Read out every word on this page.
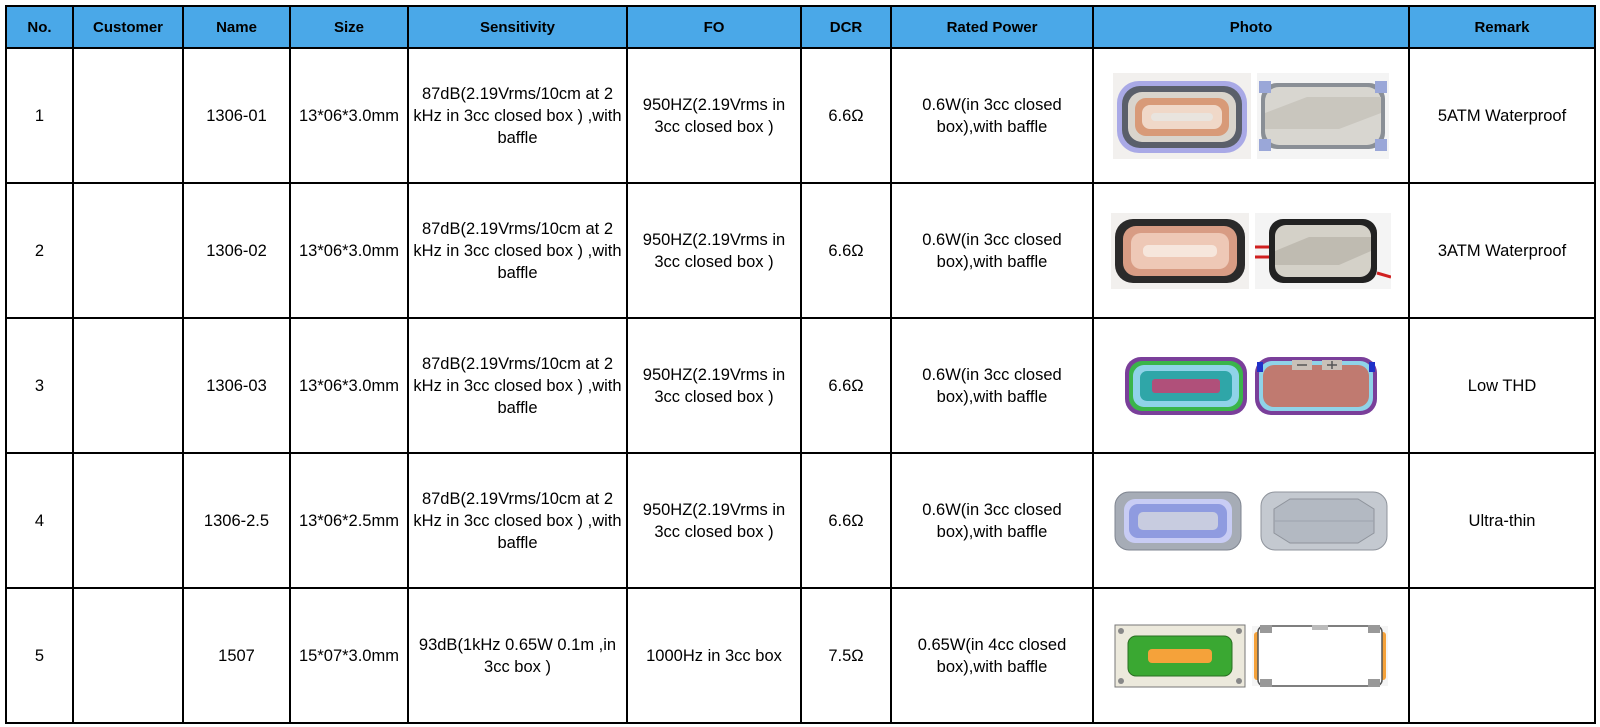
No.	Customer	Name	Size	Sensitivity	FO	DCR	Rated Power	Photo	Remark
1		1306-01	13*06*3.0mm	87dB(2.19Vrms/10cm at 2 kHz in 3cc closed box ) ,with baffle	950HZ(2.19Vrms in 3cc closed box )	6.6Ω	0.6W(in 3cc closed box),with baffle		5ATM Waterproof
2		1306-02	13*06*3.0mm	87dB(2.19Vrms/10cm at 2 kHz in 3cc closed box ) ,with baffle	950HZ(2.19Vrms in 3cc closed box )	6.6Ω	0.6W(in 3cc closed box),with baffle		3ATM Waterproof
3		1306-03	13*06*3.0mm	87dB(2.19Vrms/10cm at 2 kHz in 3cc closed box ) ,with baffle	950HZ(2.19Vrms in 3cc closed box )	6.6Ω	0.6W(in 3cc closed box),with baffle		Low THD
4		1306-2.5	13*06*2.5mm	87dB(2.19Vrms/10cm at 2 kHz in 3cc closed box ) ,with baffle	950HZ(2.19Vrms in 3cc closed box )	6.6Ω	0.6W(in 3cc closed box),with baffle		Ultra-thin
5		1507	15*07*3.0mm	93dB(1kHz 0.65W 0.1m ,in 3cc box )	1000Hz in 3cc box	7.5Ω	0.65W(in 4cc closed box),with baffle	
